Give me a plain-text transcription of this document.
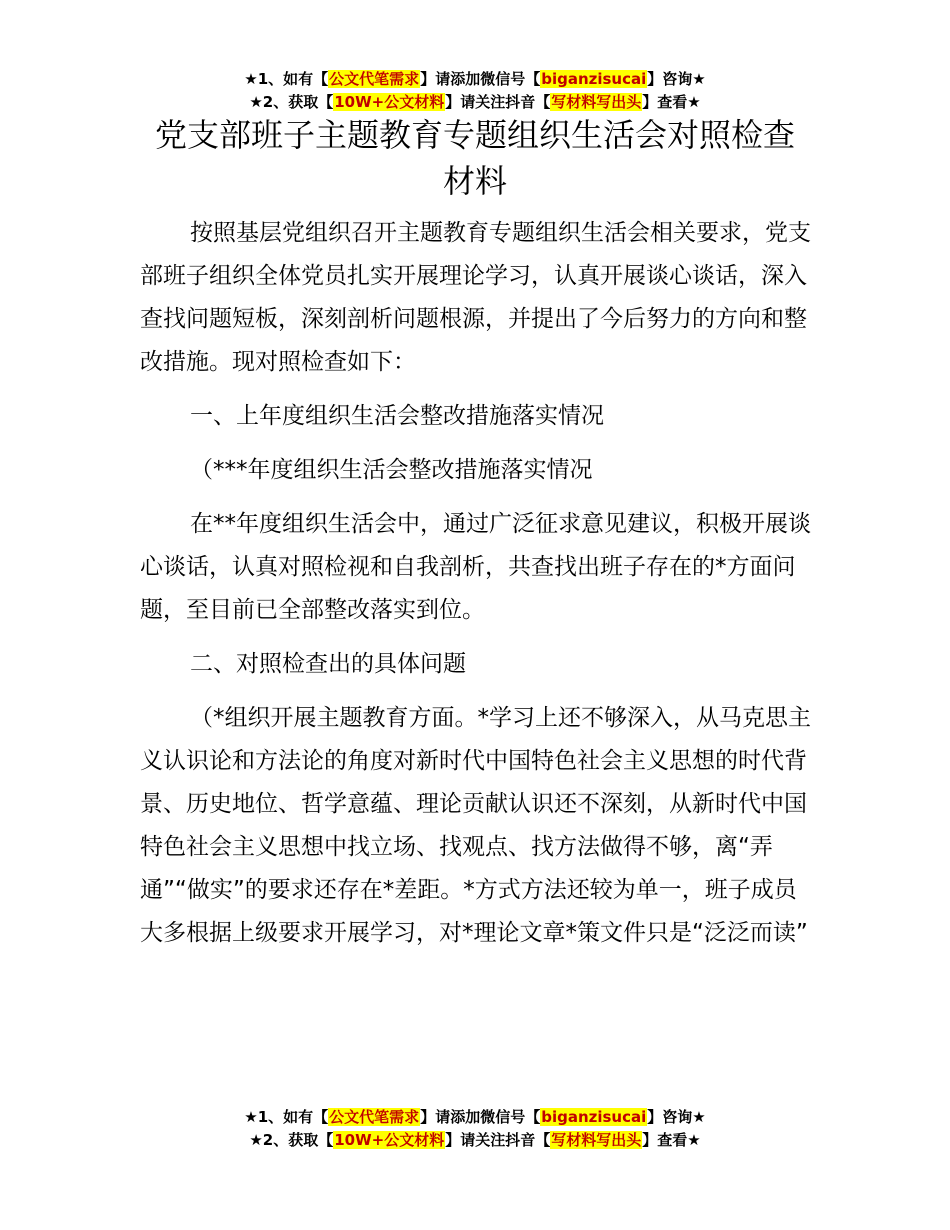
★1、如有【公文代笔需求】请添加微信号【biganzisucai】咨询★
★2、获取【10W+公文材料】请关注抖音【写材料写出头】查看★
党支部班子主题教育专题组织生活会对照检查材料

按照基层党组织召开主题教育专题组织生活会相关要求，党支部班子组织全体党员扎实开展理论学习，认真开展谈心谈话，深入查找问题短板，深刻剖析问题根源，并提出了今后努力的方向和整改措施。现对照检查如下：

一、上年度组织生活会整改措施落实情况

（***年度组织生活会整改措施落实情况

在**年度组织生活会中，通过广泛征求意见建议，积极开展谈心谈话，认真对照检视和自我剖析，共查找出班子存在的*方面问题，至目前已全部整改落实到位。

二、对照检查出的具体问题

（*组织开展主题教育方面。*学习上还不够深入，从马克思主义认识论和方法论的角度对新时代中国特色社会主义思想的时代背景、历史地位、哲学意蕴、理论贡献认识还不深刻，从新时代中国特色社会主义思想中找立场、找观点、找方法做得不够，离“弄通”“做实”的要求还存在*差距。*方式方法还较为单一，班子成员大多根据上级要求开展学习，对*理论文章*策文件只是“泛泛而读”

★1、如有【公文代笔需求】请添加微信号【biganzisucai】咨询★
★2、获取【10W+公文材料】请关注抖音【写材料写出头】查看★
